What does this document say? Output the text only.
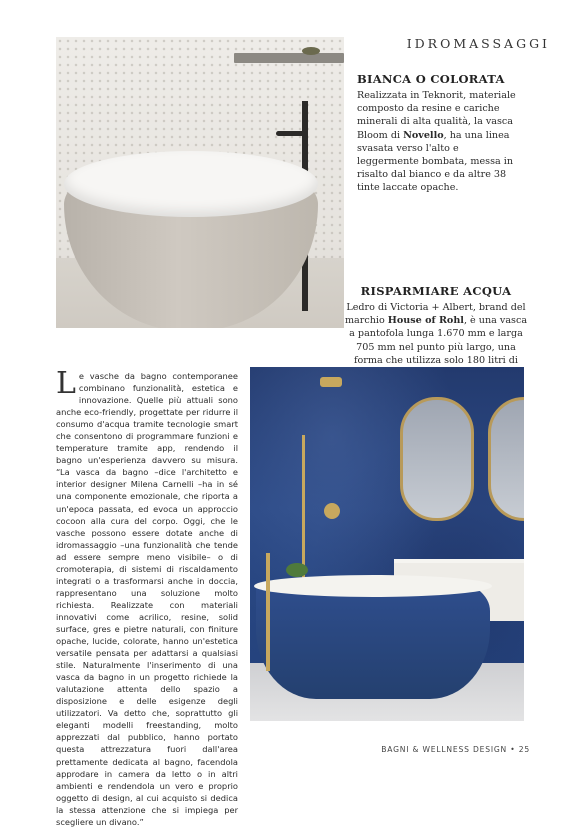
IDROMASSAGGI

BIANCA O COLORATA

Realizzata in Teknorit, materiale composto da resine e cariche minerali di alta qualità, la vasca Bloom di Novello, ha una linea svasata verso l'alto e leggermente bombata, messa in risalto dal bianco e da altre 38 tinte laccate opache.

RISPARMIARE ACQUA

Ledro di Victoria + Albert, brand del marchio House of Rohl, è una vasca a pantofola lunga 1.670 mm e larga 705 mm nel punto più largo, una forma che utilizza solo 180 litri di

Le vasche da bagno contemporanee combinano funzionalità, estetica e innovazione. Quelle più attuali sono anche eco-friendly, progettate per ridurre il consumo d'acqua tramite tecnologie smart che consentono di programmare funzioni e temperature tramite app, rendendo il bagno un'esperienza davvero su misura. “La vasca da bagno –dice l'architetto e interior designer Milena Carnelli –ha in sé una componente emozionale, che riporta a un'epoca passata, ed evoca un approccio cocoon alla cura del corpo. Oggi, che le vasche possono essere dotate anche di idromassaggio –una funzionalità che tende ad essere sempre meno visibile– o di cromoterapia, di sistemi di riscaldamento integrati o a trasformarsi anche in doccia, rappresentano una soluzione molto richiesta. Realizzate con materiali innovativi come acrilico, resine, solid surface, gres e pietre naturali, con finiture opache, lucide, colorate, hanno un'estetica versatile pensata per adattarsi a qualsiasi stile. Naturalmente l'inserimento di una vasca da bagno in un progetto richiede la valutazione attenta dello spazio a disposizione e delle esigenze degli utilizzatori. Va detto che, soprattutto gli eleganti modelli freestanding, molto apprezzati dal pubblico, hanno portato questa attrezzatura fuori dall'area prettamente dedicata al bagno, facendola approdare in camera da letto o in altri ambienti e rendendola un vero e proprio oggetto di design, al cui acquisto si dedica la stessa attenzione che si impiega per scegliere un divano.”
BAGNI & WELLNESS DESIGN • 25
